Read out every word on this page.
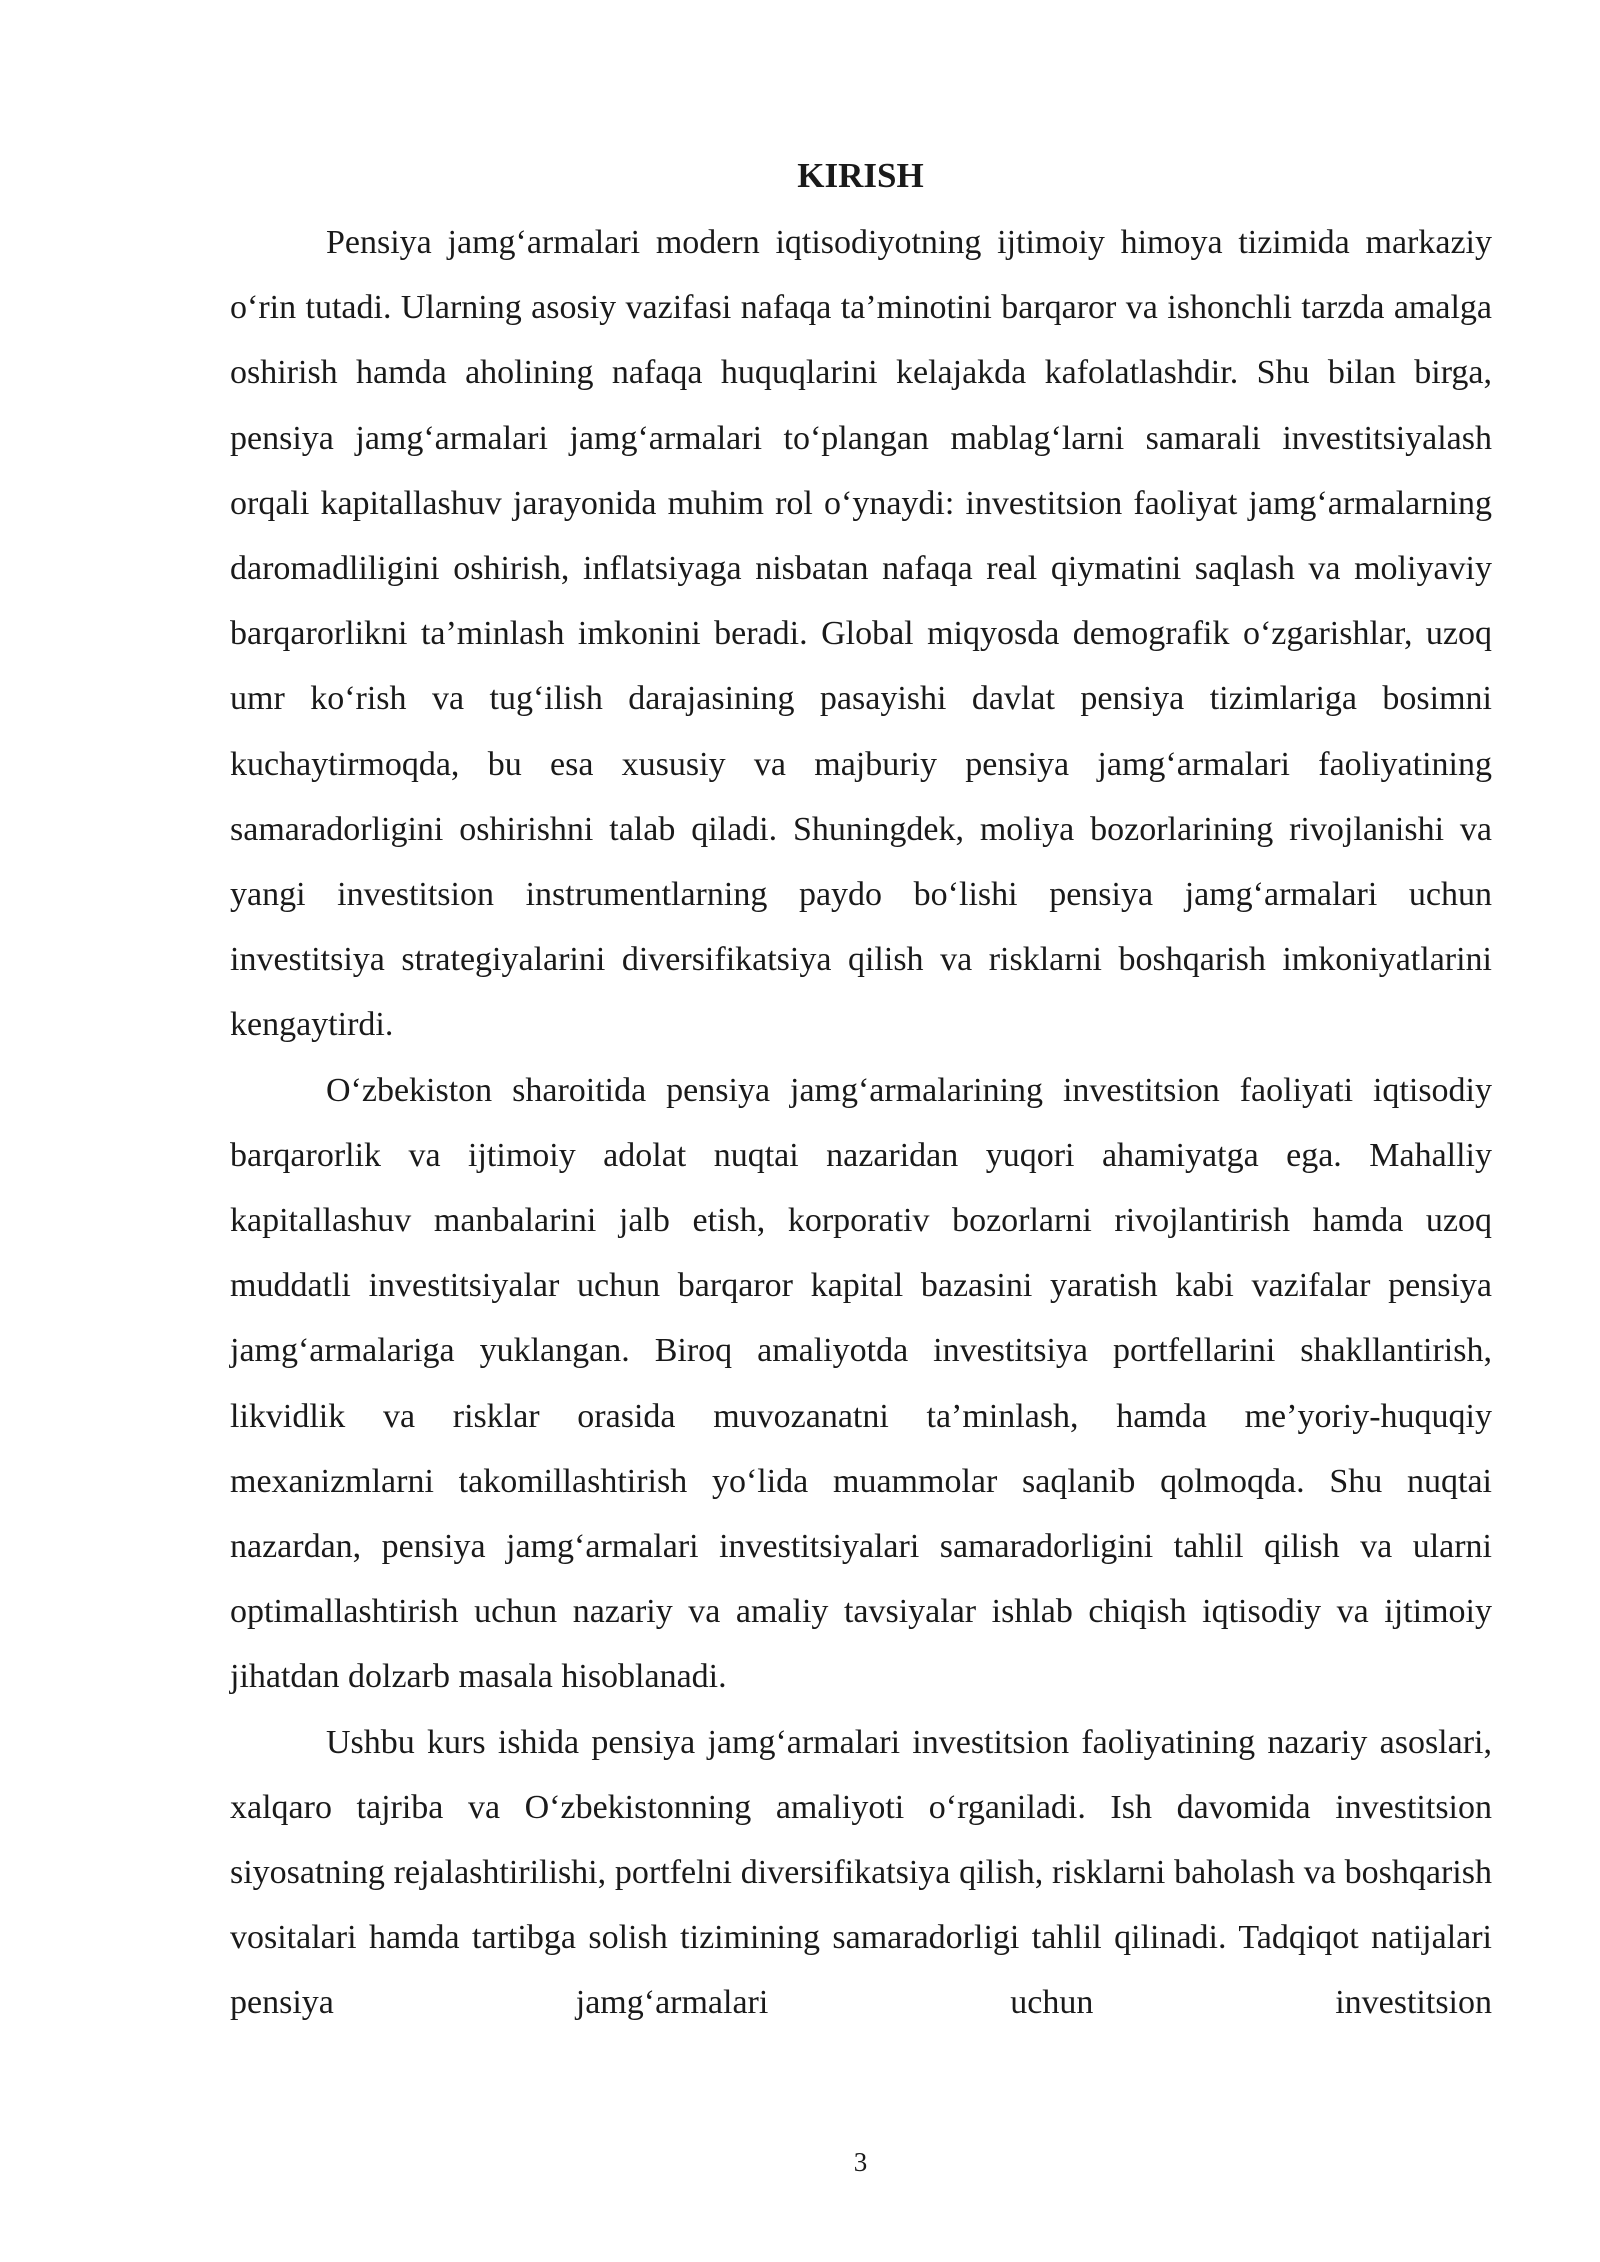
KIRISH

Pensiya jamg‘armalari modern iqtisodiyotning ijtimoiy himoya tizimida markaziy o‘rin tutadi. Ularning asosiy vazifasi nafaqa ta’minotini barqaror va ishonchli tarzda amalga oshirish hamda aholining nafaqa huquqlarini kelajakda kafolatlashdir. Shu bilan birga, pensiya jamg‘armalari jamg‘armalari to‘plangan mablag‘larni samarali investitsiyalash orqali kapitallashuv jarayonida muhim rol o‘ynaydi: investitsion faoliyat jamg‘armalarning daromadliligini oshirish, inflatsiyaga nisbatan nafaqa real qiymatini saqlash va moliyaviy barqarorlikni ta’minlash imkonini beradi. Global miqyosda demografik o‘zgarishlar, uzoq umr ko‘rish va tug‘ilish darajasining pasayishi davlat pensiya tizimlariga bosimni kuchaytirmoqda, bu esa xususiy va majburiy pensiya jamg‘armalari faoliyatining samaradorligini oshirishni talab qiladi. Shuningdek, moliya bozorlarining rivojlanishi va yangi investitsion instrumentlarning paydo bo‘lishi pensiya jamg‘armalari uchun investitsiya strategiyalarini diversifikatsiya qilish va risklarni boshqarish imkoniyatlarini kengaytirdi.

O‘zbekiston sharoitida pensiya jamg‘armalarining investitsion faoliyati iqtisodiy barqarorlik va ijtimoiy adolat nuqtai nazaridan yuqori ahamiyatga ega. Mahalliy kapitallashuv manbalarini jalb etish, korporativ bozorlarni rivojlantirish hamda uzoq muddatli investitsiyalar uchun barqaror kapital bazasini yaratish kabi vazifalar pensiya jamg‘armalariga yuklangan. Biroq amaliyotda investitsiya portfellarini shakllantirish, likvidlik va risklar orasida muvozanatni ta’minlash, hamda me’yoriy-huquqiy mexanizmlarni takomillashtirish yo‘lida muammolar saqlanib qolmoqda. Shu nuqtai nazardan, pensiya jamg‘armalari investitsiyalari samaradorligini tahlil qilish va ularni optimallashtirish uchun nazariy va amaliy tavsiyalar ishlab chiqish iqtisodiy va ijtimoiy jihatdan dolzarb masala hisoblanadi.

Ushbu kurs ishida pensiya jamg‘armalari investitsion faoliyatining nazariy asoslari, xalqaro tajriba va O‘zbekistonning amaliyoti o‘rganiladi. Ish davomida investitsion siyosatning rejalashtirilishi, portfelni diversifikatsiya qilish, risklarni baholash va boshqarish vositalari hamda tartibga solish tizimining samaradorligi tahlil qilinadi. Tadqiqot natijalari pensiya jamg‘armalari uchun investitsion

3
